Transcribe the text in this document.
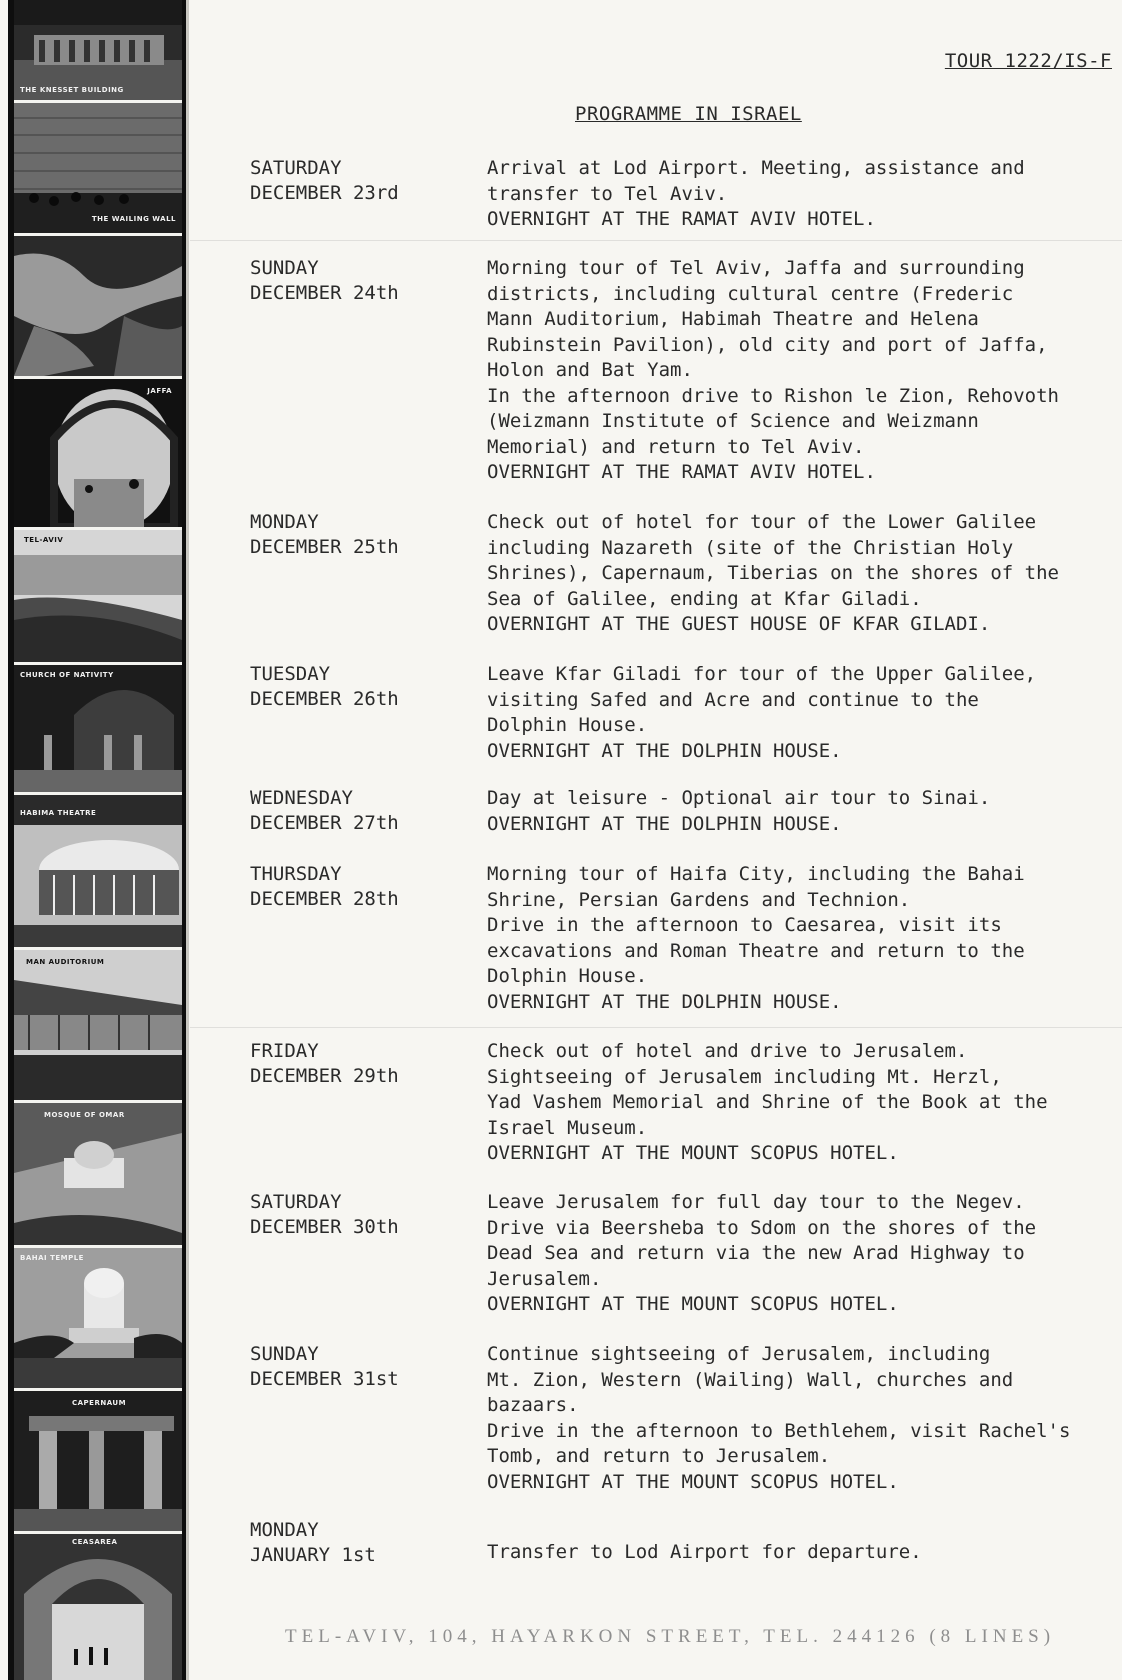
THE KNESSET BUILDING
THE WAILING WALL
JAFFA
TEL-AVIV
CHURCH OF NATIVITY
HABIMA THEATRE
MAN AUDITORIUM
MOSQUE OF OMAR
BAHAI TEMPLE
CAPERNAUM
CEASAREA
TOUR 1222/IS-F
PROGRAMME IN ISRAEL
SATURDAY
DECEMBER 23rd
Arrival at Lod Airport. Meeting, assistance and
transfer to Tel Aviv.
OVERNIGHT AT THE RAMAT AVIV HOTEL.
SUNDAY
DECEMBER 24th
Morning tour of Tel Aviv, Jaffa and surrounding
districts, including cultural centre (Frederic
Mann Auditorium, Habimah Theatre and Helena
Rubinstein Pavilion), old city and port of Jaffa,
Holon and Bat Yam.
In the afternoon drive to Rishon le Zion, Rehovoth
(Weizmann Institute of Science and Weizmann
Memorial) and return to Tel Aviv.
OVERNIGHT AT THE RAMAT AVIV HOTEL.
MONDAY
DECEMBER 25th
Check out of hotel for tour of the Lower Galilee
including Nazareth (site of the Christian Holy
Shrines), Capernaum, Tiberias on the shores of the
Sea of Galilee, ending at Kfar Giladi.
OVERNIGHT AT THE GUEST HOUSE OF KFAR GILADI.
TUESDAY
DECEMBER 26th
Leave Kfar Giladi for tour of the Upper Galilee,
visiting Safed and Acre and continue to the
Dolphin House.
OVERNIGHT AT THE DOLPHIN HOUSE.
WEDNESDAY
DECEMBER 27th
Day at leisure - Optional air tour to Sinai.
OVERNIGHT AT THE DOLPHIN HOUSE.
THURSDAY
DECEMBER 28th
Morning tour of Haifa City, including the Bahai
Shrine, Persian Gardens and Technion.
Drive in the afternoon to Caesarea, visit its
excavations and Roman Theatre and return to the
Dolphin House.
OVERNIGHT AT THE DOLPHIN HOUSE.
FRIDAY
DECEMBER 29th
Check out of hotel and drive to Jerusalem.
Sightseeing of Jerusalem including Mt. Herzl,
Yad Vashem Memorial and Shrine of the Book at the
Israel Museum.
OVERNIGHT AT THE MOUNT SCOPUS HOTEL.
SATURDAY
DECEMBER 30th
Leave Jerusalem for full day tour to the Negev.
Drive via Beersheba to Sdom on the shores of the
Dead Sea and return via the new Arad Highway to
Jerusalem.
OVERNIGHT AT THE MOUNT SCOPUS HOTEL.
SUNDAY
DECEMBER 31st
Continue sightseeing of Jerusalem, including
Mt. Zion, Western (Wailing) Wall, churches and
bazaars.
Drive in the afternoon to Bethlehem, visit Rachel's
Tomb, and return to Jerusalem.
OVERNIGHT AT THE MOUNT SCOPUS HOTEL.
MONDAY
JANUARY 1st	Transfer to Lod Airport for departure.
TEL-AVIV, 104, HAYARKON STREET, TEL. 244126 (8 LINES)
